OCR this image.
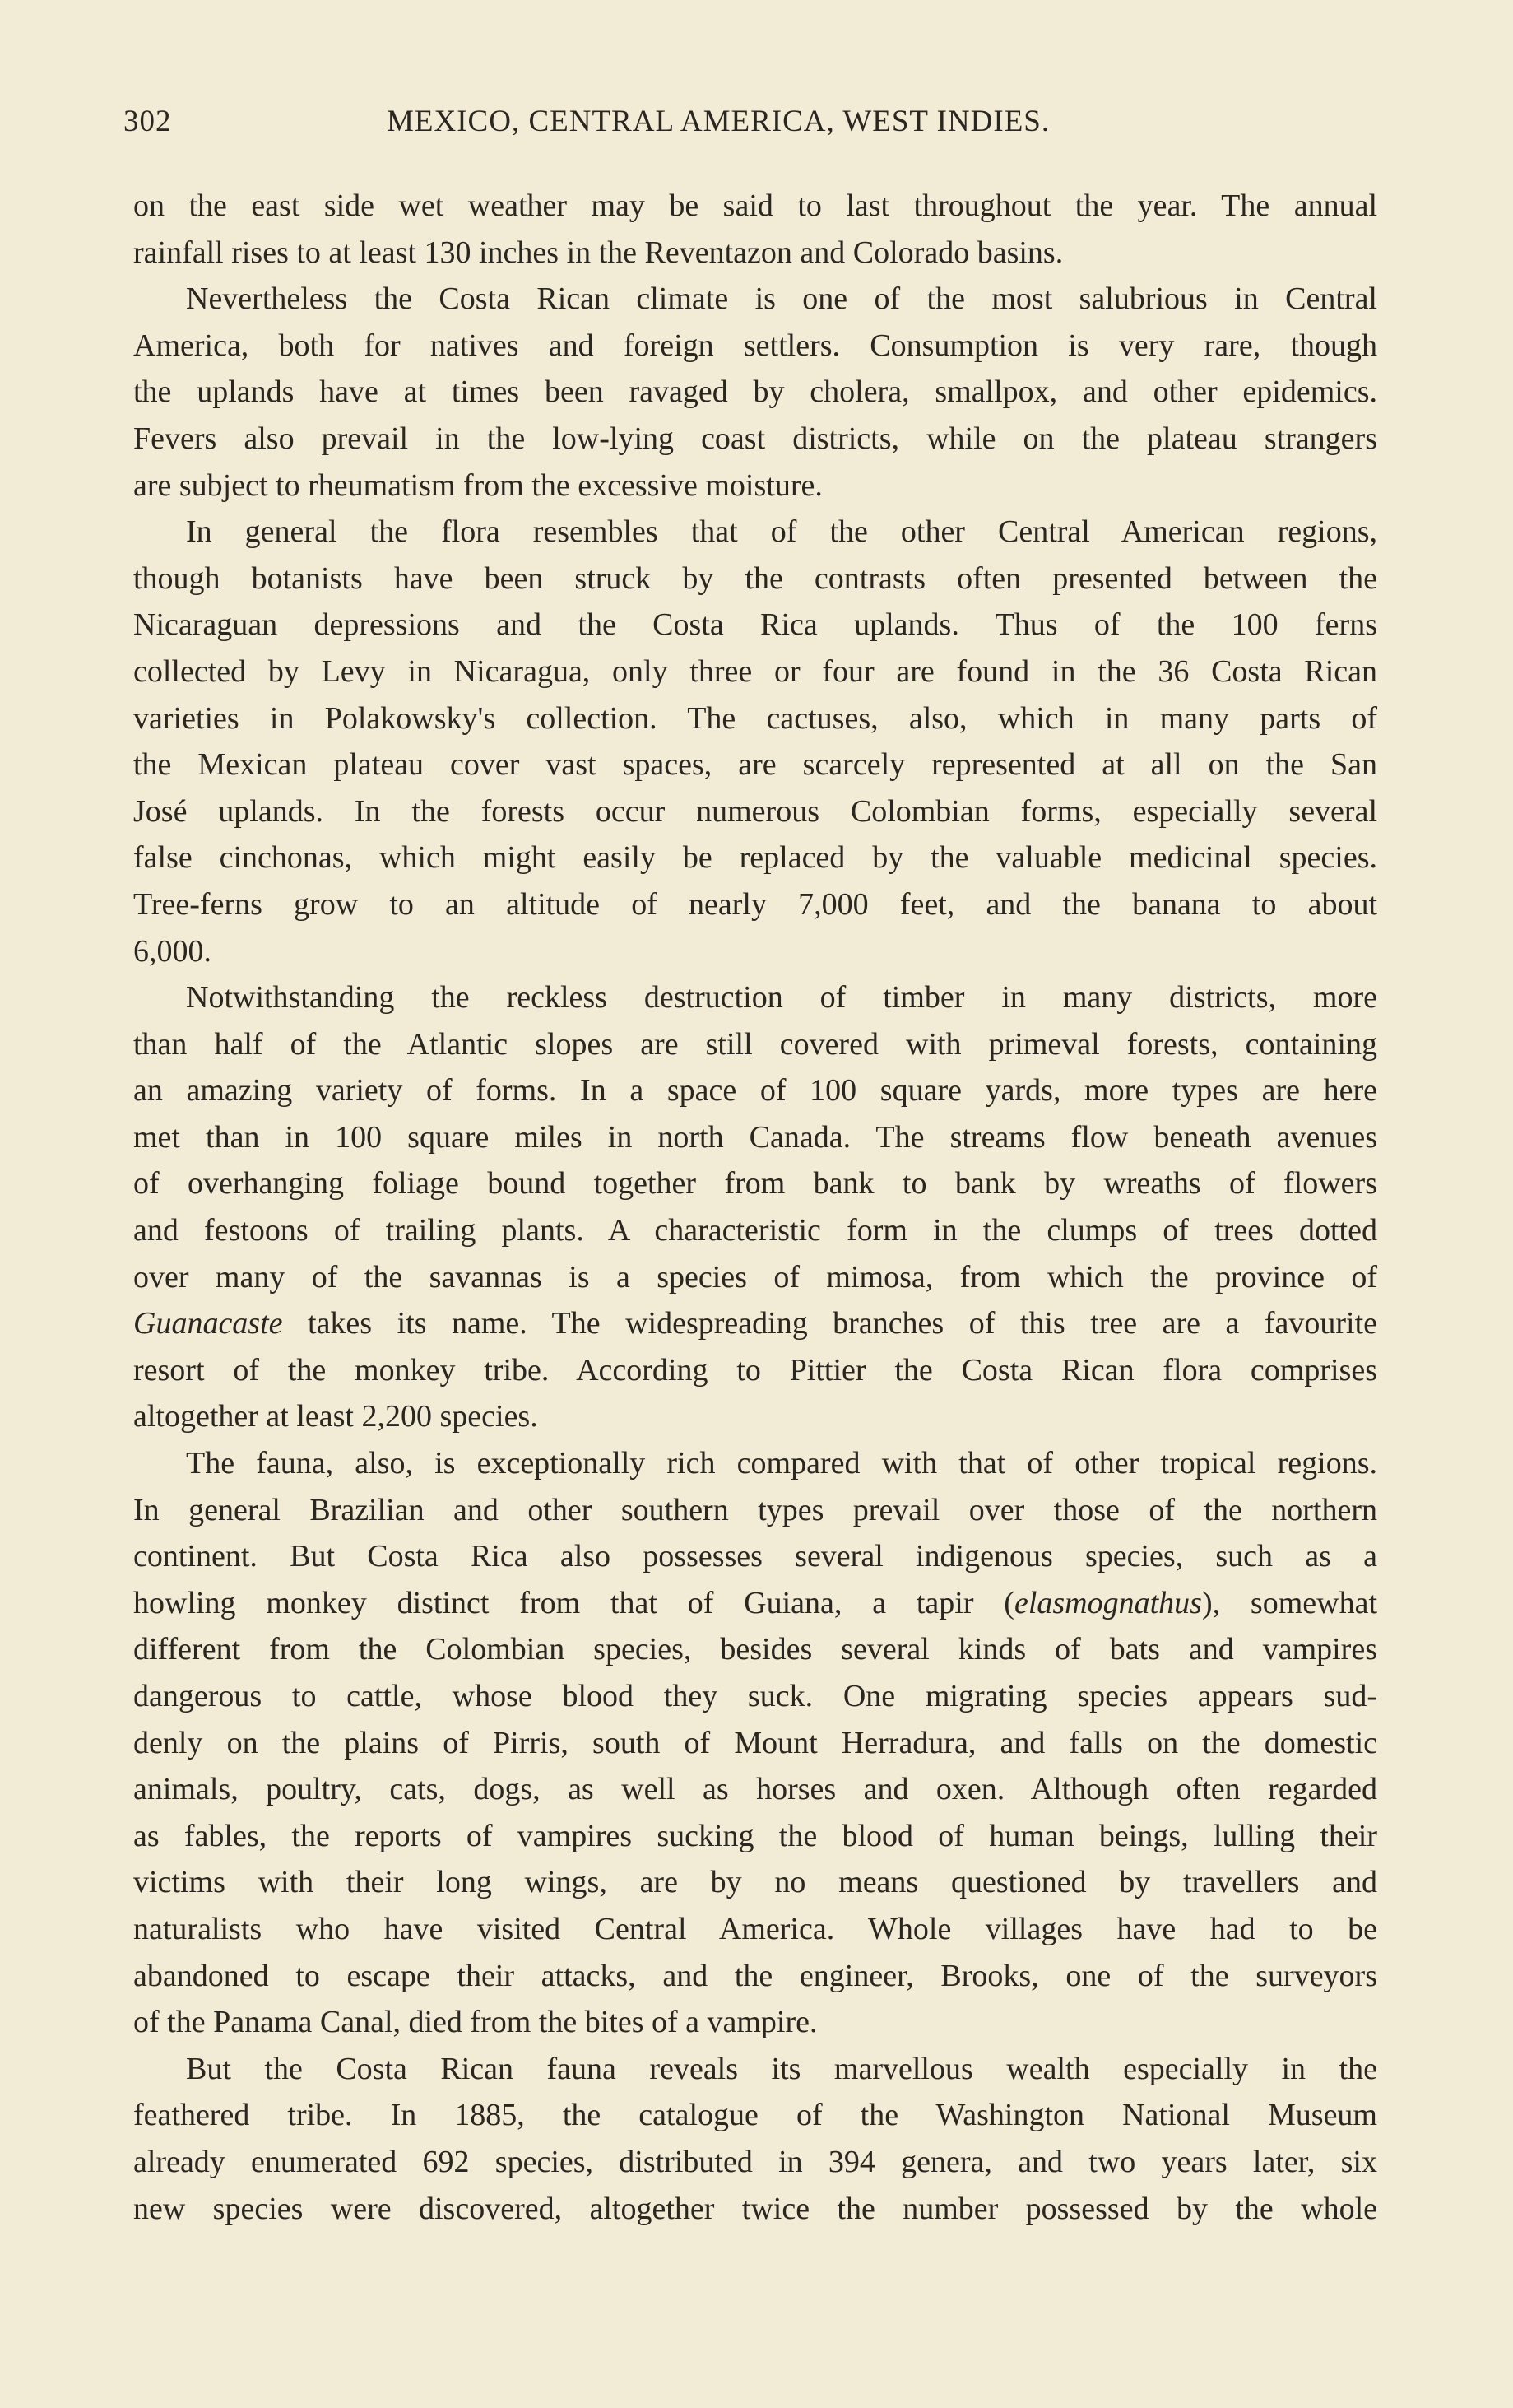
302	MEXICO, CENTRAL AMERICA, WEST INDIES.
on the east side wet weather may be said to last throughout the year. The annual
rainfall rises to at least 130 inches in the Reventazon and Colorado basins.
Nevertheless the Costa Rican climate is one of the most salubrious in Central
America, both for natives and foreign settlers. Consumption is very rare, though
the uplands have at times been ravaged by cholera, smallpox, and other epidemics.
Fevers also prevail in the low-lying coast districts, while on the plateau strangers
are subject to rheumatism from the excessive moisture.
In general the flora resembles that of the other Central American regions,
though botanists have been struck by the contrasts often presented between the
Nicaraguan depressions and the Costa Rica uplands. Thus of the 100 ferns
collected by Levy in Nicaragua, only three or four are found in the 36 Costa Rican
varieties in Polakowsky's collection. The cactuses, also, which in many parts of
the Mexican plateau cover vast spaces, are scarcely represented at all on the San
José uplands. In the forests occur numerous Colombian forms, especially several
false cinchonas, which might easily be replaced by the valuable medicinal species.
Tree-ferns grow to an altitude of nearly 7,000 feet, and the banana to about
6,000.
Notwithstanding the reckless destruction of timber in many districts, more
than half of the Atlantic slopes are still covered with primeval forests, containing
an amazing variety of forms. In a space of 100 square yards, more types are here
met than in 100 square miles in north Canada. The streams flow beneath avenues
of overhanging foliage bound together from bank to bank by wreaths of flowers
and festoons of trailing plants. A characteristic form in the clumps of trees dotted
over many of the savannas is a species of mimosa, from which the province of
Guanacaste takes its name. The widespreading branches of this tree are a favourite
resort of the monkey tribe. According to Pittier the Costa Rican flora comprises
altogether at least 2,200 species.
The fauna, also, is exceptionally rich compared with that of other tropical regions.
In general Brazilian and other southern types prevail over those of the northern
continent. But Costa Rica also possesses several indigenous species, such as a
howling monkey distinct from that of Guiana, a tapir (elasmognathus), somewhat
different from the Colombian species, besides several kinds of bats and vampires
dangerous to cattle, whose blood they suck. One migrating species appears sud-
denly on the plains of Pirris, south of Mount Herradura, and falls on the domestic
animals, poultry, cats, dogs, as well as horses and oxen. Although often regarded
as fables, the reports of vampires sucking the blood of human beings, lulling their
victims with their long wings, are by no means questioned by travellers and
naturalists who have visited Central America. Whole villages have had to be
abandoned to escape their attacks, and the engineer, Brooks, one of the surveyors
of the Panama Canal, died from the bites of a vampire.
But the Costa Rican fauna reveals its marvellous wealth especially in the
feathered tribe. In 1885, the catalogue of the Washington National Museum
already enumerated 692 species, distributed in 394 genera, and two years later, six
new species were discovered, altogether twice the number possessed by the whole
